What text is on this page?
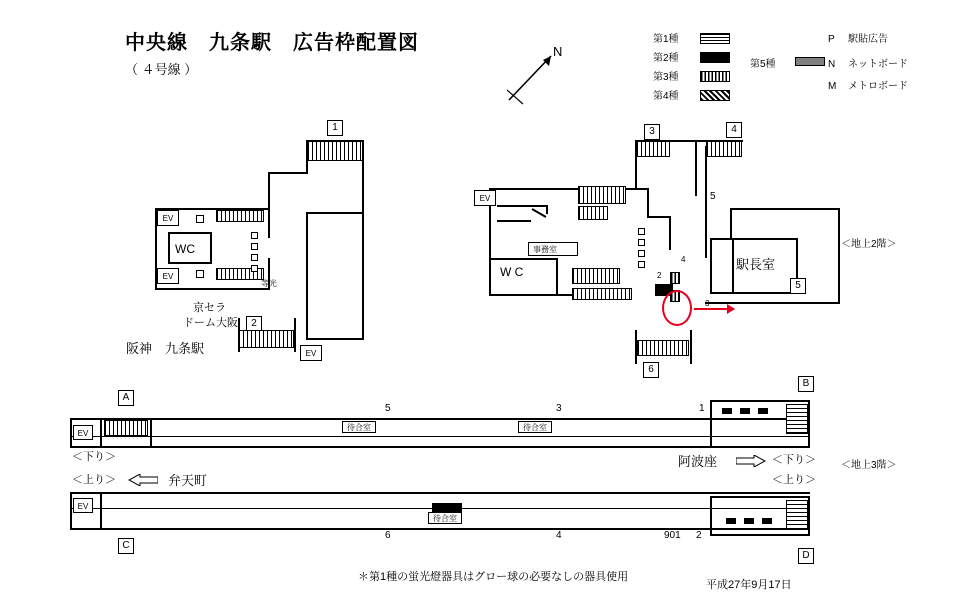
中央線　九条駅　広告枠配置図
（ ４号線 ）
N
第1種
第2種
第3種
第4種
第5種
P 駅貼広告
N ネットボード
M メトロボード
1
2
EV
EV
WC
等光
京セラ
ドーム大阪
阪神　九条駅	EV
3	4
6
＜地上2階＞
EV	5
事務室
W C
4
2
駅長室
5
A
B
C
D
＜地上3階＞
EV
待合室	待合室
5	3	1
＜下り＞	＜下り＞
＜上り＞
＜上り＞
阿波座
弁天町
EV
待合室
6	4	901 2
＊第1種の蛍光燈器具はグロー球の必要なしの器具使用
平成27年9月17日
